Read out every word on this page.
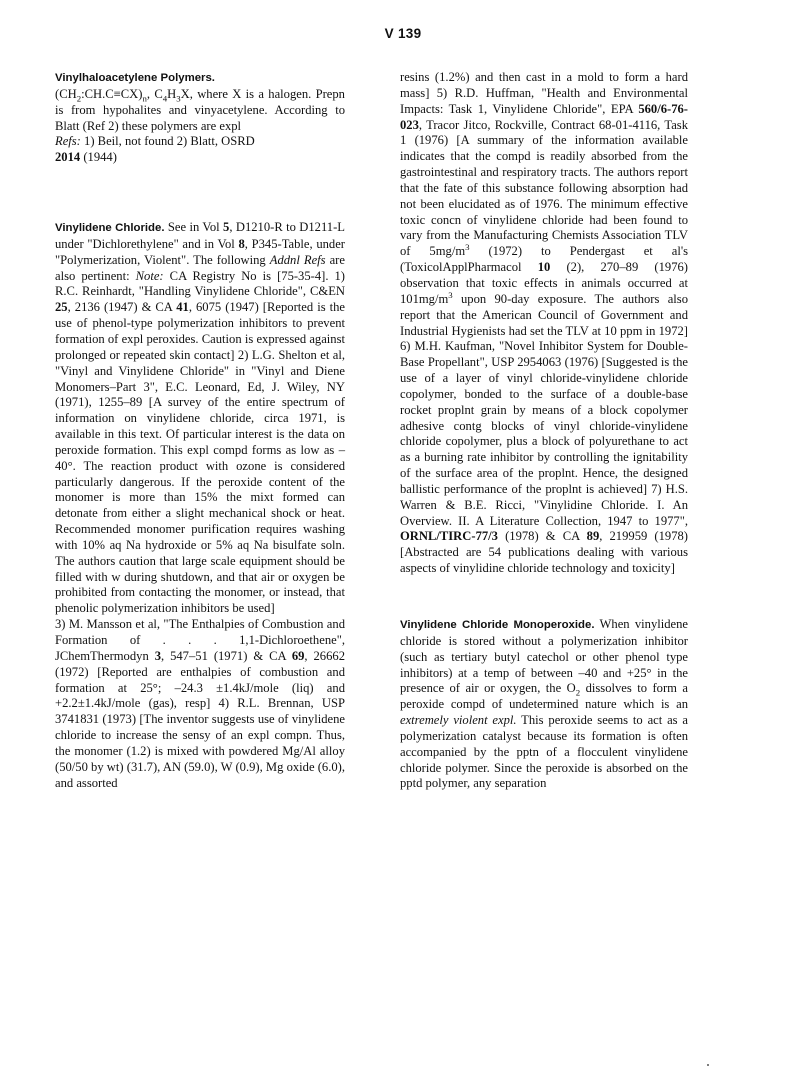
V 139

Vinylhaloacetylene Polymers.
$(CH_2:CH.C\equiv CX)_n$, $C_4H_3X$, where X is a halogen. Prepn is from hypohalites and vinyacetylene. According to Blatt (Ref 2) these polymers are expl
Refs: 1) Beil, not found 2) Blatt, OSRD
2014 (1944)

Vinylidene Chloride. See in Vol 5, D1210-R to D1211-L under "Dichlorethylene" and in Vol 8, P345-Table, under "Polymerization, Violent". The following Addnl Refs are also pertinent: Note: CA Registry No is [75-35-4]. 1) R.C. Reinhardt, "Handling Vinylidene Chloride", C&EN 25, 2136 (1947) & CA 41, 6075 (1947) [Reported is the use of phenol-type polymerization inhibitors to prevent formation of expl peroxides. Caution is expressed against prolonged or repeated skin contact] 2) L.G. Shelton et al, "Vinyl and Vinylidene Chloride" in "Vinyl and Diene Monomers–Part 3", E.C. Leonard, Ed, J. Wiley, NY (1971), 1255–89 [A survey of the entire spectrum of information on vinylidene chloride, circa 1971, is available in this text. Of particular interest is the data on peroxide formation. This expl compd forms as low as –40°. The reaction product with ozone is considered particularly dangerous. If the peroxide content of the monomer is more than 15% the mixt formed can detonate from either a slight mechanical shock or heat. Recommended monomer purification requires washing with 10% aq Na hydroxide or 5% aq Na bisulfate soln. The authors caution that large scale equipment should be filled with w during shutdown, and that air or oxygen be prohibited from contacting the monomer, or instead, that phenolic polymerization inhibitors be used]
3) M. Mansson et al, "The Enthalpies of Combustion and Formation of . . . 1,1-Dichloroethene", JChemThermodyn 3, 547–51 (1971) & CA 69, 26662 (1972) [Reported are enthalpies of combustion and formation at 25°; –24.3 ±1.4kJ/mole (liq) and +2.2±1.4kJ/mole (gas), resp] 4) R.L. Brennan, USP 3741831 (1973) [The inventor suggests use of vinylidene chloride to increase the sensy of an expl compn. Thus, the monomer (1.2) is mixed with powdered Mg/Al alloy (50/50 by wt) (31.7), AN (59.0), W (0.9), Mg oxide (6.0), and assorted

resins (1.2%) and then cast in a mold to form a hard mass] 5) R.D. Huffman, "Health and Environmental Impacts: Task 1, Vinylidene Chloride", EPA 560/6-76-023, Tracor Jitco, Rockville, Contract 68-01-4116, Task 1 (1976) [A summary of the information available indicates that the compd is readily absorbed from the gastrointestinal and respiratory tracts. The authors report that the fate of this substance following absorption had not been elucidated as of 1976. The minimum effective toxic concn of vinylidene chloride had been found to vary from the Manufacturing Chemists Association TLV of $5mg/m^3$ (1972) to Pendergast et al's (ToxicolApplPharmacol 10 (2), 270–89 (1976) observation that toxic effects in animals occurred at $101mg/m^3$ upon 90-day exposure. The authors also report that the American Council of Government and Industrial Hygienists had set the TLV at 10 ppm in 1972] 6) M.H. Kaufman, "Novel Inhibitor System for Double-Base Propellant", USP 2954063 (1976) [Suggested is the use of a layer of vinyl chloride-vinylidene chloride copolymer, bonded to the surface of a double-base rocket proplnt grain by means of a block copolymer adhesive contg blocks of vinyl chloride-vinylidene chloride copolymer, plus a block of polyurethane to act as a burning rate inhibitor by controlling the ignitability of the surface area of the proplnt. Hence, the designed ballistic performance of the proplnt is achieved] 7) H.S. Warren & B.E. Ricci, "Vinylidine Chloride. I. An Overview. II. A Literature Collection, 1947 to 1977", ORNL/TIRC-77/3 (1978) & CA 89, 219959 (1978) [Abstracted are 54 publications dealing with various aspects of vinylidine chloride technology and toxicity]

Vinylidene Chloride Monoperoxide. When vinylidene chloride is stored without a polymerization inhibitor (such as tertiary butyl catechol or other phenol type inhibitors) at a temp of between –40 and +25° in the presence of air or oxygen, the $O_2$ dissolves to form a peroxide compd of undetermined nature which is an extremely violent expl. This peroxide seems to act as a polymerization catalyst because its formation is often accompanied by the pptn of a flocculent vinylidene chloride polymer. Since the peroxide is absorbed on the pptd polymer, any separation
